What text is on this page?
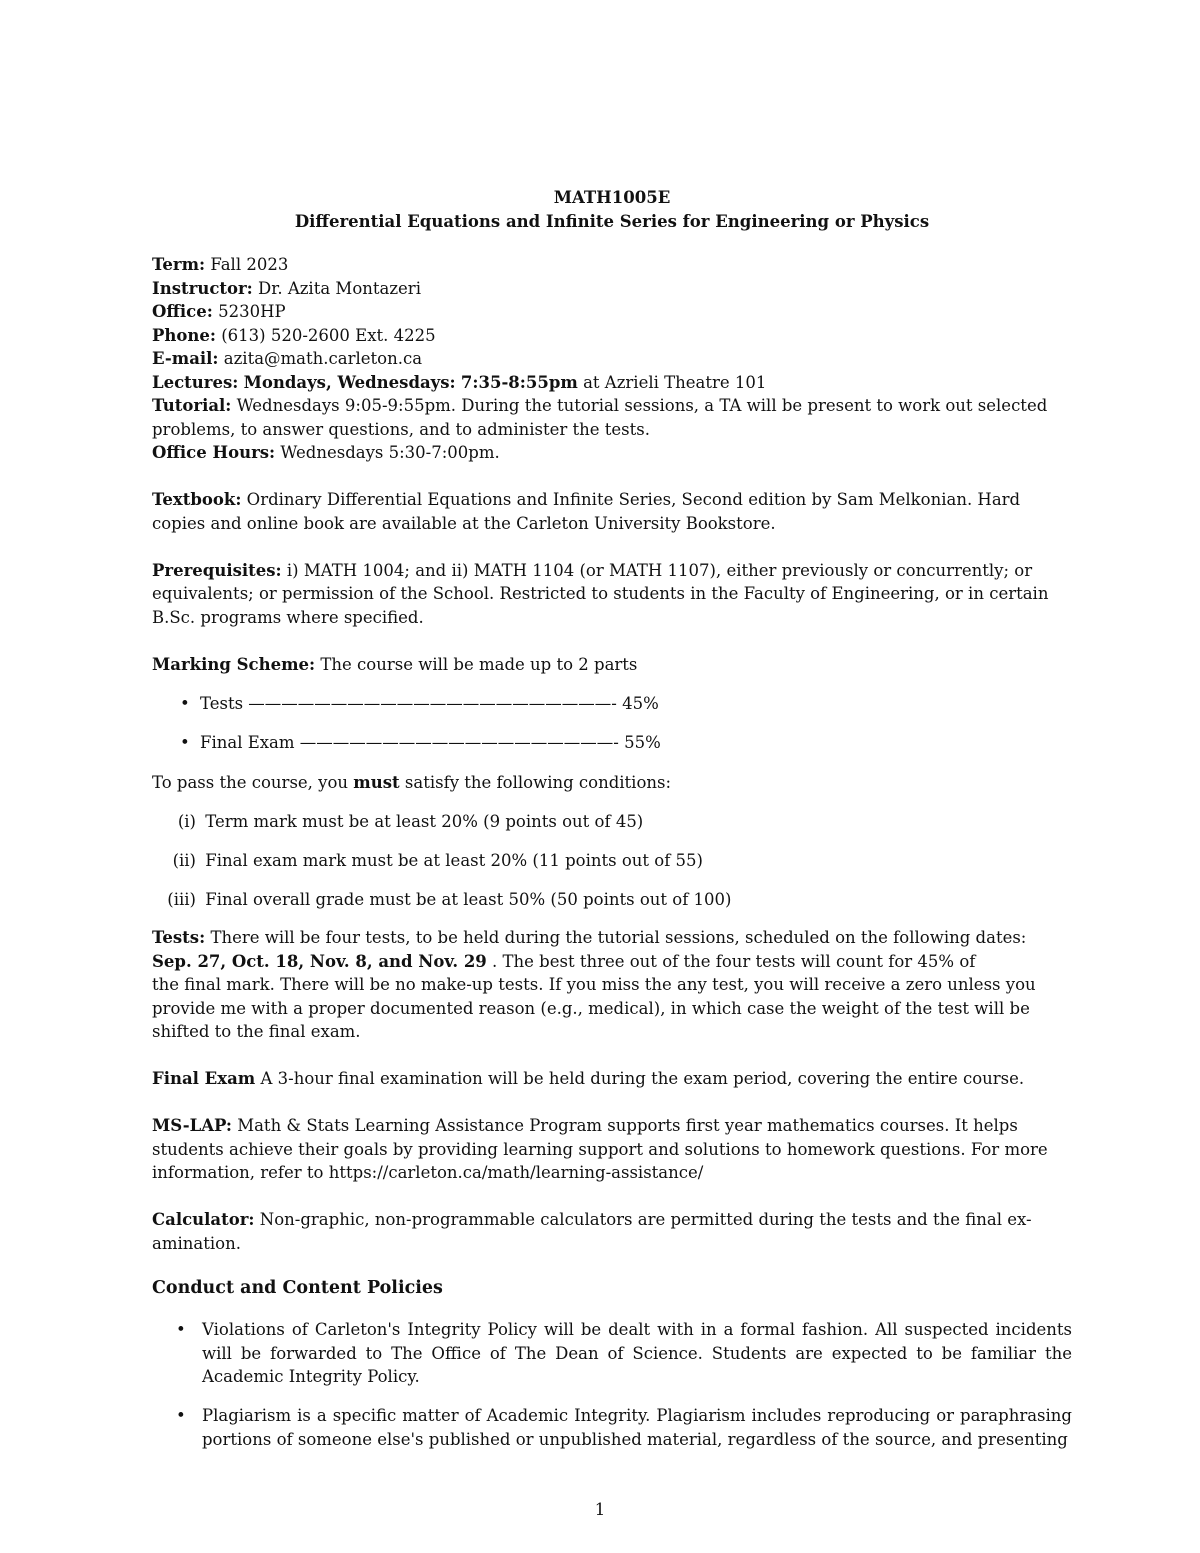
MATH1005E
Differential Equations and Infinite Series for Engineering or Physics
Term: Fall 2023
Instructor: Dr. Azita Montazeri
Office: 5230HP
Phone: (613) 520-2600 Ext. 4225
E-mail: azita@math.carleton.ca
Lectures: Mondays, Wednesdays: 7:35-8:55pm at Azrieli Theatre 101
Tutorial: Wednesdays 9:05-9:55pm. During the tutorial sessions, a TA will be present to work out selected
problems, to answer questions, and to administer the tests.
Office Hours: Wednesdays 5:30-7:00pm.
Textbook: Ordinary Differential Equations and Infinite Series, Second edition by Sam Melkonian. Hard
copies and online book are available at the Carleton University Bookstore.
Prerequisites: i) MATH 1004; and ii) MATH 1104 (or MATH 1107), either previously or concurrently; or
equivalents; or permission of the School. Restricted to students in the Faculty of Engineering, or in certain
B.Sc. programs where specified.
Marking Scheme: The course will be made up to 2 parts
• Tests ——————————————————————- 45%
• Final Exam ———————————————————- 55%
To pass the course, you must satisfy the following conditions:
(i) Term mark must be at least 20% (9 points out of 45)
(ii) Final exam mark must be at least 20% (11 points out of 55)
(iii) Final overall grade must be at least 50% (50 points out of 100)
Tests: There will be four tests, to be held during the tutorial sessions, scheduled on the following dates:
Sep. 27, Oct. 18, Nov. 8, and Nov. 29 . The best three out of the four tests will count for 45% of
the final mark. There will be no make-up tests. If you miss the any test, you will receive a zero unless you
provide me with a proper documented reason (e.g., medical), in which case the weight of the test will be
shifted to the final exam.
Final Exam A 3-hour final examination will be held during the exam period, covering the entire course.
MS-LAP: Math & Stats Learning Assistance Program supports first year mathematics courses. It helps
students achieve their goals by providing learning support and solutions to homework questions. For more
information, refer to https://carleton.ca/math/learning-assistance/
Calculator: Non-graphic, non-programmable calculators are permitted during the tests and the final ex-
amination.
Conduct and Content Policies
• Violations of Carleton's Integrity Policy will be dealt with in a formal fashion. All suspected incidents will be forwarded to The Office of The Dean of Science. Students are expected to be familiar the Academic Integrity Policy.
• Plagiarism is a specific matter of Academic Integrity. Plagiarism includes reproducing or paraphrasing portions of someone else's published or unpublished material, regardless of the source, and presenting
1
